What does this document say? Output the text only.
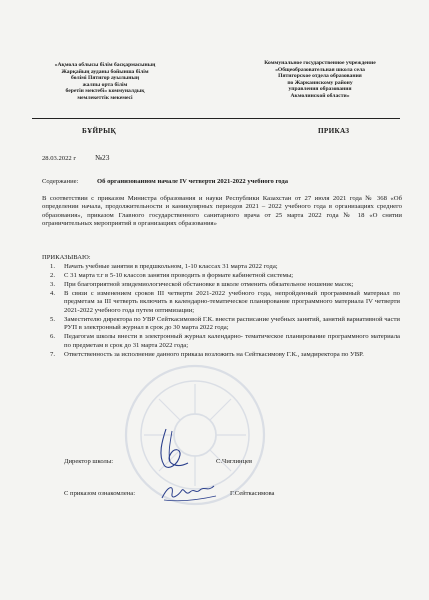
«Ақмола облысы білім басқармасының
Жарқайың ауданы бойынша білім
бөлімі Пятигор ауылының
жалпы орта білім
беретін мектебі» коммуналдық
мемлекеттік мекемесі
Коммунальное государственное учреждение
«Общеобразовательная школа села
Пятигорское отдела образования
по Жаркаинскому району
управления образования
Акмолинской области»
БҰЙРЫҚ	ПРИКАЗ
28.03.2022 г	№23
Содержание:	Об организованном начале IV четверти 2021-2022 учебного года
В соответствии с приказом Министра образования и науки Республики Казахстан от 27 июля 2021 года № 368 «Об определении начала, продолжительности и каникулярных периодов 2021 – 2022 учебного года в организациях среднего образования», приказом Главного государственного санитарного врача от 25 марта 2022 года № 18 «О снятии ограничительных мероприятий в организациях образования»
ПРИКАЗЫВАЮ:
1. Начать учебные занятия в предшкольном, 1-10 классах 31 марта 2022 года;
2. С 31 марта т.г в 5-10 классов занятия проводить в формате кабинетной системы;
3. При благоприятной эпидемиологической обстановке в школе отменить обязательное ношение масок;
4. В связи с изменением сроков III четверти 2021-2022 учебного года, непройденный программный материал по предметам за III четверть включить в календарно-тематическое планирование программного материала IV четверти 2021-2022 учебного года путем оптимизации;
5. Заместителю директора по УВР Сейткасимовой Г.К. внести расписание учебных занятий, занятий вариативной части РУП в электронный журнал в срок до 30 марта 2022 года;
6. Педагогам школы внести в электронный журнал календарно- тематическое планирование программного материала по предметам в срок до 31 марта 2022 года;
7. Ответственность за исполнение данного приказа возложить на Сейткасимову Г.К., замдиректора по УВР.
Директор школы:	С.Чиглинцев
С приказом ознакомлена:	Г.Сейткасимова
